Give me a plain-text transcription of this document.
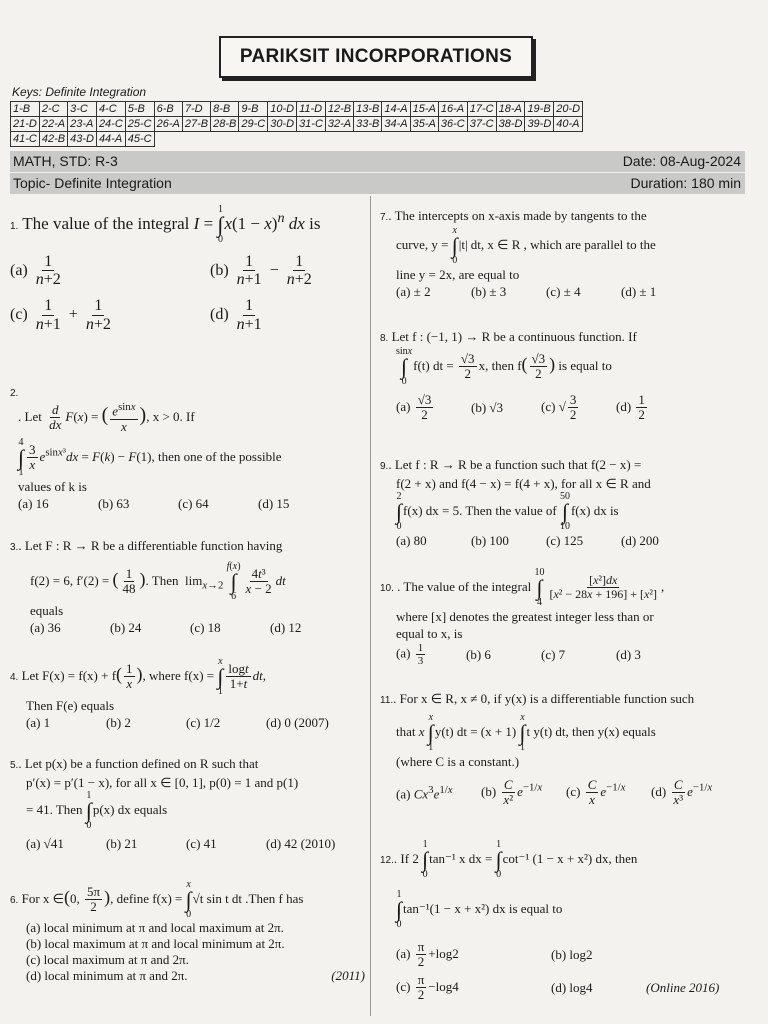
PARIKSIT INCORPORATIONS
Keys: Definite Integration
1-B	2-C	3-C	4-C	5-B	6-B	7-D	8-B	9-B	10-D	11-D	12-B	13-B	14-A	15-A	16-A	17-C	18-A	19-B	20-D
21-D	22-A	23-A	24-C	25-C	26-A	27-B	28-B	29-C	30-D	31-C	32-A	33-B	34-A	35-A	36-C	37-C	38-D	39-D	40-A
41-C	42-B	43-D	44-A	45-C															
MATH, STD: R-3	Date: 08-Aug-2024
Topic- Definite Integration	Duration: 180 min
1. The value of the integral I =
1
∫
0
$x(1 - x)^n$ dx is
$(a) \frac{1}{n+2}$	$(b) \frac{1}{n+1} - \frac{1}{n+2}$
$(c) \frac{1}{n+1} + \frac{1}{n+2}$	$(d) \frac{1}{n+1}$
2.
. Let $\frac{d}{dx} F(x)$ = ( $\frac{e^{sinx}}{x}$ ), x > 0. If
4
∫
$1 \frac{3}{x} e^{sinx^3}dx = F(k) - F(1)$, then one of the possible
values of k is
(a) 16	(b) 63	(c) 64	(d) 15
3.. Let F : R → R be a differentiable function having
f(2) = 6, f′(2) = ( $\frac{1}{48}$ ). Then  $\lim_{x\to 2}$
f(x)
∫
$6 \frac{\text{4t³}}{x - 2}$ dt
equals
(a) 36	(b) 24	(c) 18	(d) 12
4. Let $F(x) = f(x) + f( \frac{1}{x}$ ), where f(x) =
x
∫
$1 \frac{\log t}{1+t}$ dt,
Then F(e) equals
(a) 1	(b) 2	(c) 1/2	(d) 0 (2007)
5.. Let p(x) be a function defined on R such that
p′(x) = p′(1 − x), for all x ∈ [0, 1], p(0) = 1 and p(1)
= 41. Then
1
∫
0
p(x) dx equals
(a) √41	(b) 21	(c) 41	(d) 42 (2010)
6. For x ∈(0, $\frac{5\pi}{2}$ ), define f(x) =
x
∫
0
√t sin t dt .Then f has
(a) local minimum at π and local maximum at 2π.
(b) local maximum at π and local minimum at 2π.
(c) local maximum at π and 2π.
(d) local minimum at π and 2π.	(2011)
7.. The intercepts on x-axis made by tangents to the
curve, y =
x
∫
0
|t| dt, x ∈ R , which are parallel to the
line y = 2x, are equal to
(a) ± 2	(b) ± 3	(c) ± 4	(d) ± 1
8. Let f : (−1, 1) → R be a continuous function. If
sinx
∫
0
f(t) dt = $\frac{√3}{2} x$, then $f( \frac{√3}{2}$ ) is equal to
$(a) \frac{√3}{2}$	(b) √3	(c) √ $\frac{3}{2}$	$(d) \frac{1}{2}$
9.. Let f : R → R be a function such that f(2 − x) =
f(2 + x) and f(4 − x) = f(4 + x), for all x ∈ R and
2
∫
0
f(x) dx = 5. Then the value of
50
∫
10
f(x) dx is
(a) 80	(b) 100	(c) 125	(d) 200
10. . The value of the integral
10
∫
4
$\frac{\text{[x²]dx}}{\text{[x² − 28x + 196] + [x²]}}$ ,
where [x] denotes the greatest integer less than or
equal to x, is
$(a) \frac{1}{3}$	(b) 6	(c) 7	(d) 3
11.. For x ∈ R, x ≠ 0, if y(x) is a differentiable function such
that x
x
∫
1
y(t) dt = (x + 1)
x
∫
1
t y(t) dt, then y(x) equals
(where C is a constant.)
(a) $Cx^3e^{1/x}$	$(b) \frac{C}{\text{x²}} e^{-1/x}$	$(c) \frac{C}{x} e^{-1/x}$	$(d) \frac{C}{\text{x³}} e^{-1/x}$
12.. If 2
1
∫
0
tan⁻¹ x dx =
1
∫
0
cot⁻¹ (1 − x + x²) dx, then
1
∫
0
tan⁻¹(1 − x + x²) dx is equal to
$(a) \frac{\pi}{2} +\log 2$	(b) log2
$(c) \frac{\pi}{2} -\log 4$	(d) log4	(Online 2016)
